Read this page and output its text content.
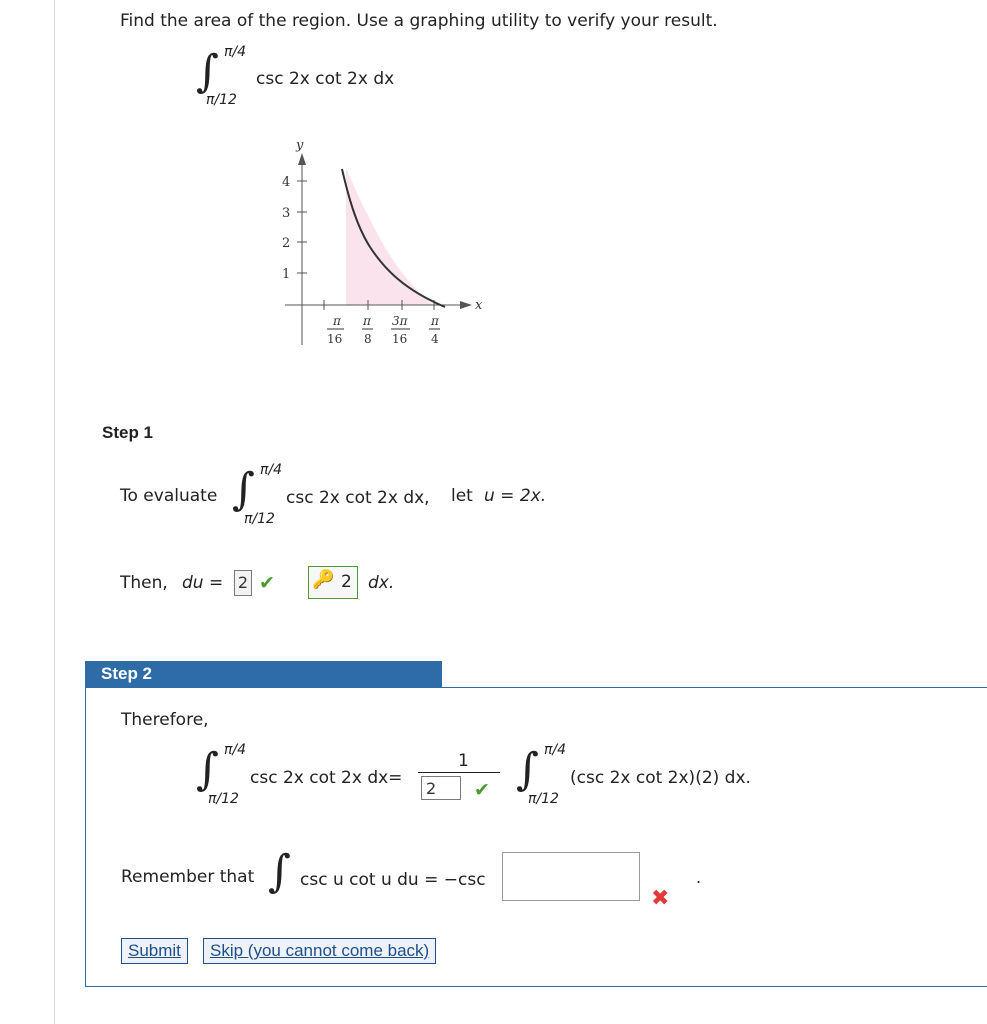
Find the area of the region. Use a graphing utility to verify your result.
∫ π/4
π/12
csc 2x cot 2x dx
y
x
4
3
2
1
π
16
π
8
3π
16
π
4
Step 1
To evaluate ∫ π/4
π/12
csc 2x cot 2x dx, let u = 2x.
Then, du = 2 ✔ 🔑 2 dx.
Step 2
Therefore,
∫ π/4
π/12
csc 2x cot 2x dx=
1
2	✔ ∫ π/4
π/12
(csc 2x cot 2x)(2) dx.
Remember that ∫ csc u cot u du = −csc	.
✖
Submit	Skip (you cannot come back)
